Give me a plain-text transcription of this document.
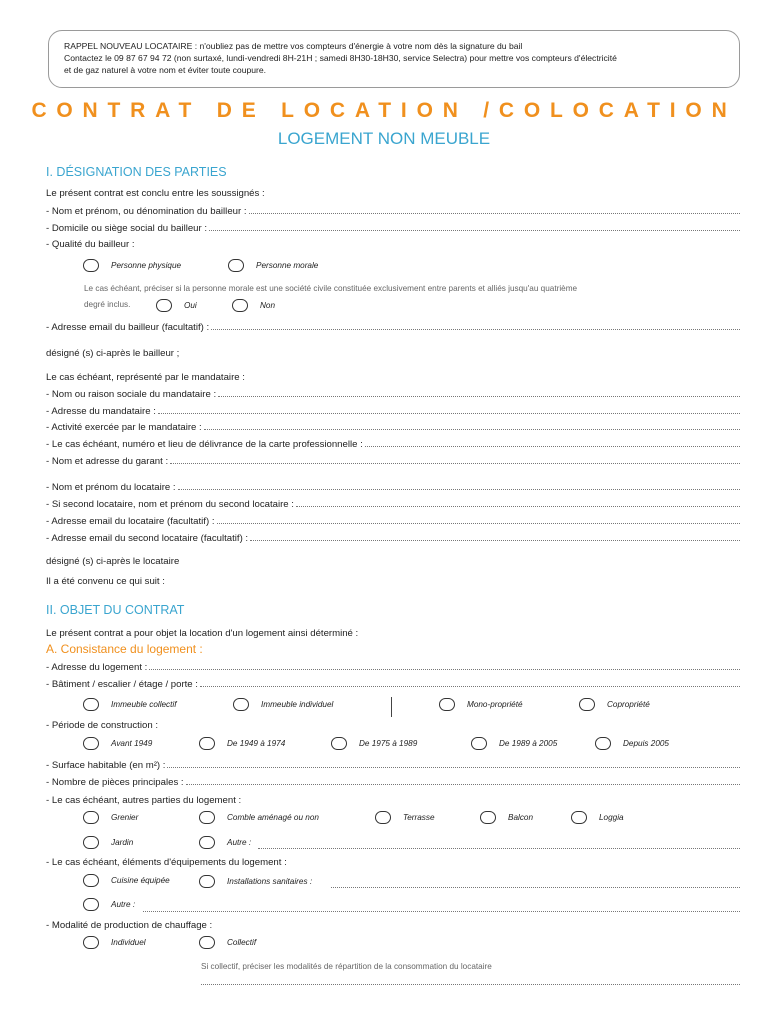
RAPPEL NOUVEAU LOCATAIRE : n'oubliez pas de mettre vos compteurs d'énergie à votre nom dès la signature du bail
Contactez le 09 87 67 94 72 (non surtaxé, lundi-vendredi 8H-21H ; samedi 8H30-18H30, service Selectra) pour mettre vos compteurs d'électricité
et de gaz naturel à votre nom et éviter toute coupure.
CONTRAT DE LOCATION /COLOCATION
LOGEMENT NON MEUBLE
I. DÉSIGNATION DES PARTIES
Le présent contrat est conclu entre les soussignés :
- Nom et prénom, ou dénomination du bailleur :
- Domicile ou siège social du bailleur :
- Qualité du bailleur :
Personne physique	Personne morale
Le cas échéant, préciser si la personne morale est une société civile constituée exclusivement entre parents et alliés jusqu'au quatrième
degré inclus.	Oui	Non
- Adresse email du bailleur (facultatif) :
désigné (s) ci-après le bailleur ;
Le cas échéant, représenté par le mandataire :
- Nom ou raison sociale du mandataire :
- Adresse du mandataire :
- Activité exercée par le mandataire :
- Le cas échéant, numéro et lieu de délivrance de la carte professionnelle :
- Nom et adresse du garant :
- Nom et prénom du locataire :
- Si second locataire, nom et prénom du second locataire :
- Adresse email du locataire (facultatif) :
- Adresse email du second locataire (facultatif) :
désigné (s) ci-après le locataire
Il a été convenu ce qui suit :
II. OBJET DU CONTRAT
Le présent contrat a pour objet la location d'un logement ainsi déterminé :
A. Consistance du logement :
- Adresse du logement :
- Bâtiment / escalier / étage / porte :
Immeuble collectif	Immeuble individuel	Mono-propriété	Copropriété
- Période de construction :
Avant 1949	De 1949 à 1974	De 1975 à 1989	De 1989 à 2005	Depuis 2005
- Surface habitable (en m²) :
- Nombre de pièces principales :
- Le cas échéant, autres parties du logement :
Grenier	Comble aménagé ou non	Terrasse	Balcon	Loggia
Jardin	Autre :
- Le cas échéant, éléments d'équipements du logement :
Cuisine équipée	Installations sanitaires :
Autre :
- Modalité de production de chauffage :
Individuel	Collectif
Si collectif, préciser les modalités de répartition de la consommation du locataire
